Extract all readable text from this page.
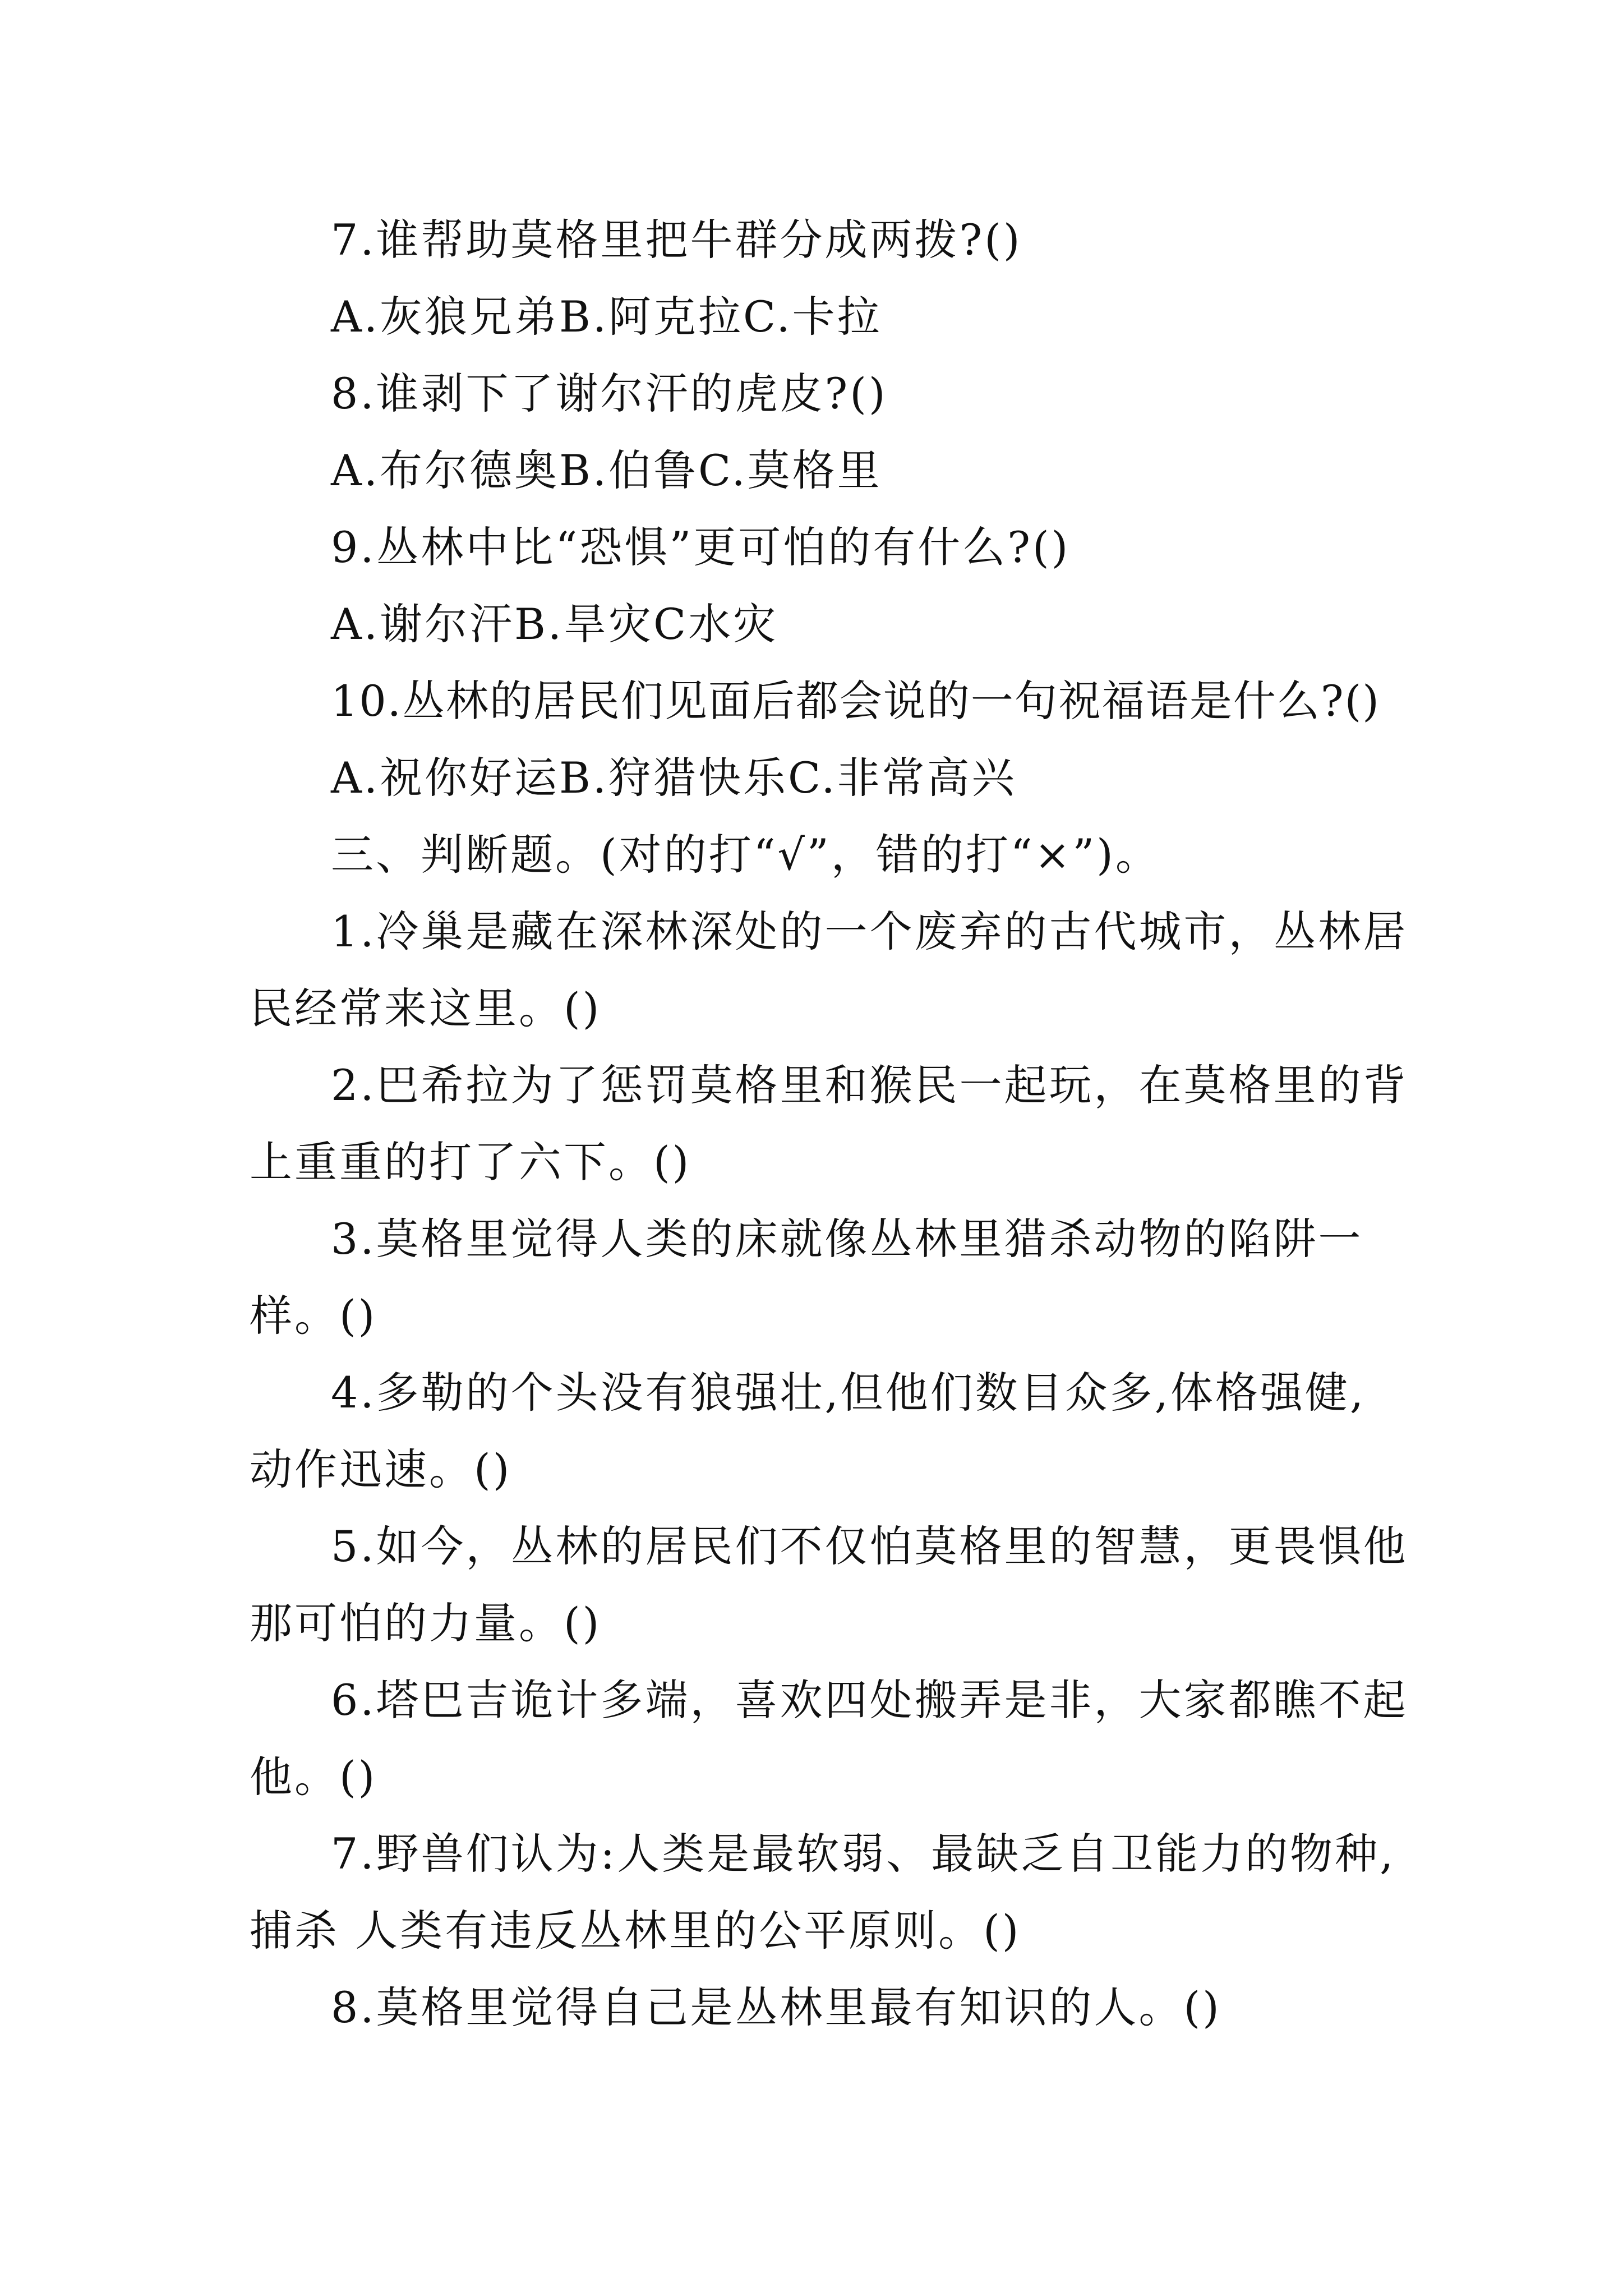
7.谁帮助莫格里把牛群分成两拨?()
A.灰狼兄弟B.阿克拉C.卡拉
8.谁剥下了谢尔汗的虎皮?()
A.布尔德奥B.伯鲁C.莫格里
9.丛林中比“恐惧”更可怕的有什么?()
A.谢尔汗B.旱灾C水灾
10.丛林的居民们见面后都会说的一句祝福语是什么?()
A.祝你好运B.狩猎快乐C.非常高兴
三、判断题。(对的打“√”，错的打“×”)。
1.冷巢是藏在深林深处的一个废弃的古代城市，丛林居
民经常来这里。()
2.巴希拉为了惩罚莫格里和猴民一起玩，在莫格里的背
上重重的打了六下。()
3.莫格里觉得人类的床就像丛林里猎杀动物的陷阱一
样。()
4.多勒的个头没有狼强壮,但他们数目众多,体格强健,
动作迅速。()
5.如今，丛林的居民们不仅怕莫格里的智慧，更畏惧他
那可怕的力量。()
6.塔巴吉诡计多端，喜欢四处搬弄是非，大家都瞧不起
他。()
7.野兽们认为:人类是最软弱、最缺乏自卫能力的物种,
捕杀 人类有违反丛林里的公平原则。()
8.莫格里觉得自己是丛林里最有知识的人。()
